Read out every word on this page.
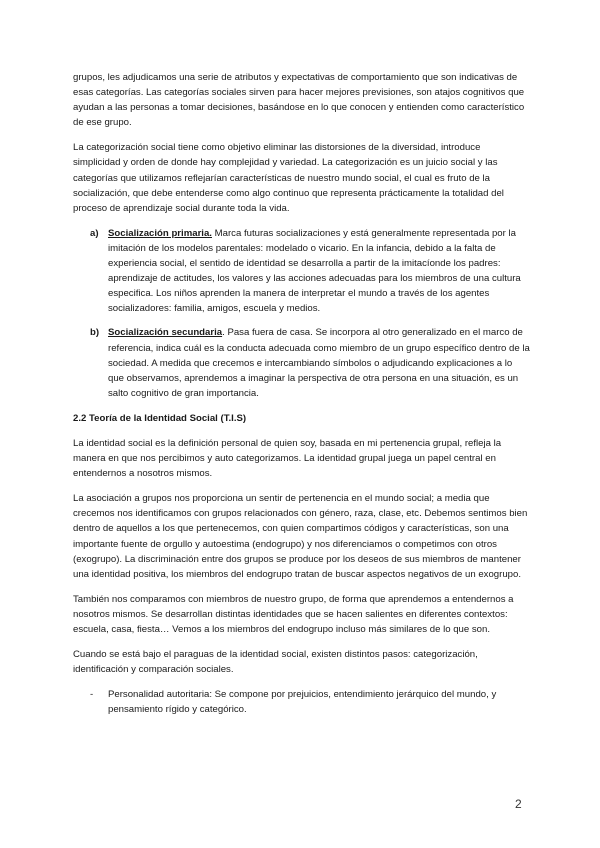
grupos, les adjudicamos una serie de atributos y expectativas de comportamiento que son indicativas de esas categorías. Las categorías sociales sirven para hacer mejores previsiones, son atajos cognitivos que ayudan a las personas a tomar decisiones, basándose en lo que conocen y entienden como característico de ese grupo.

La categorización social tiene como objetivo eliminar las distorsiones de la diversidad, introduce simplicidad y orden de donde hay complejidad y variedad. La categorización es un juicio social y las categorías que utilizamos reflejarían características de nuestro mundo social, el cual es fruto de la socialización, que debe entenderse como algo continuo que representa prácticamente la totalidad del proceso de aprendizaje social durante toda la vida.

a) Socialización primaria. Marca futuras socializaciones y está generalmente representada por la imitación de los modelos parentales: modelado o vicario. En la infancia, debido a la falta de experiencia social, el sentido de identidad se desarrolla a partir de la imitacíonde los padres: aprendizaje de actitudes, los valores y las acciones adecuadas para los miembros de una cultura especifica. Los niños aprenden la manera de interpretar el mundo a través de los agentes socializadores: familia, amigos, escuela y medios.
b) Socialización secundaria. Pasa fuera de casa. Se incorpora al otro generalizado en el marco de referencia, indica cuál es la conducta adecuada como miembro de un grupo específico dentro de la sociedad. A medida que crecemos e intercambiando símbolos o adjudicando explicaciones a lo que observamos, aprendemos a imaginar la perspectiva de otra persona en una situación, es un salto cognitivo de gran importancia.
2.2 Teoría de la Identidad Social (T.I.S)

La identidad social es la definición personal de quien soy, basada en mi pertenencia grupal, refleja la manera en que nos percibimos y auto categorizamos. La identidad grupal juega un papel central en entendernos a nosotros mismos.

La asociación a grupos nos proporciona un sentir de pertenencia en el mundo social; a media que crecemos nos identificamos con grupos relacionados con género, raza, clase, etc. Debemos sentimos bien dentro de aquellos a los que pertenecemos, con quien compartimos códigos y características, son una importante fuente de orgullo y autoestima (endogrupo) y nos diferenciamos o competimos con otros (exogrupo). La discriminación entre dos grupos se produce por los deseos de sus miembros de mantener una identidad positiva, los miembros del endogrupo tratan de buscar aspectos negativos de un exogrupo.

También nos comparamos con miembros de nuestro grupo, de forma que aprendemos a entendernos a nosotros mismos. Se desarrollan distintas identidades que se hacen salientes en diferentes contextos: escuela, casa, fiesta… Vemos a los miembros del endogrupo incluso más similares de lo que son.

Cuando se está bajo el paraguas de la identidad social, existen distintos pasos: categorización, identificación y comparación sociales.

-	Personalidad autoritaria: Se compone por prejuicios, entendimiento jerárquico del mundo, y pensamiento rígido y categórico.
2
